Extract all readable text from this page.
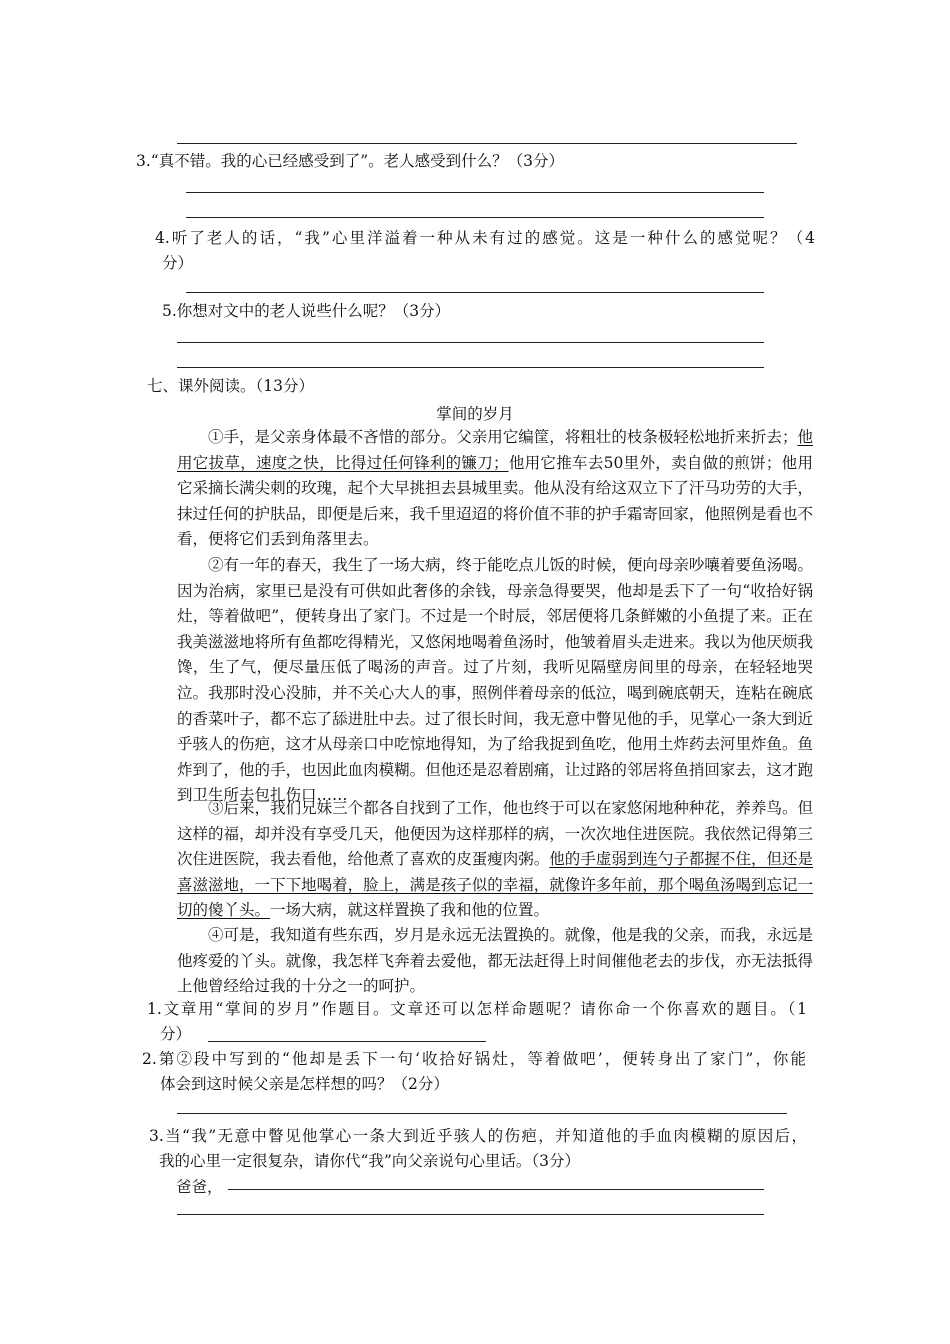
3.“真不错。我的心已经感受到了”。老人感受到什么？（3分）
4.听了老人的话，“我”心里洋溢着一种从未有过的感觉。这是一种什么的感觉呢？（4
分）
5.你想对文中的老人说些什么呢？（3分）
七、课外阅读。（13分）
掌间的岁月
①手，是父亲身体最不吝惜的部分。父亲用它编筐，将粗壮的枝条极轻松地折来折去；他用它拔草，速度之快，比得过任何锋利的镰刀；他用它推车去50里外，卖自做的煎饼；他用它采摘长满尖刺的玫瑰，起个大早挑担去县城里卖。他从没有给这双立下了汗马功劳的大手，抹过任何的护肤品，即便是后来，我千里迢迢的将价值不菲的护手霜寄回家，他照例是看也不看，便将它们丢到角落里去。
②有一年的春天，我生了一场大病，终于能吃点儿饭的时候，便向母亲吵嚷着要鱼汤喝。因为治病，家里已是没有可供如此奢侈的余钱，母亲急得要哭，他却是丢下了一句“收拾好锅灶，等着做吧”，便转身出了家门。不过是一个时辰，邻居便将几条鲜嫩的小鱼提了来。正在我美滋滋地将所有鱼都吃得精光，又悠闲地喝着鱼汤时，他皱着眉头走进来。我以为他厌烦我馋，生了气，便尽量压低了喝汤的声音。过了片刻，我听见隔壁房间里的母亲，在轻轻地哭泣。我那时没心没肺，并不关心大人的事，照例伴着母亲的低泣，喝到碗底朝天，连粘在碗底的香菜叶子，都不忘了舔进肚中去。过了很长时间，我无意中瞥见他的手，见掌心一条大到近乎骇人的伤疤，这才从母亲口中吃惊地得知，为了给我捉到鱼吃，他用土炸药去河里炸鱼。鱼炸到了，他的手，也因此血肉模糊。但他还是忍着剧痛，让过路的邻居将鱼捎回家去，这才跑到卫生所去包扎伤口……
③后来，我们兄妹三个都各自找到了工作，他也终于可以在家悠闲地种种花，养养鸟。但这样的福，却并没有享受几天，他便因为这样那样的病，一次次地住进医院。我依然记得第三次住进医院，我去看他，给他煮了喜欢的皮蛋瘦肉粥。他的手虚弱到连勺子都握不住，但还是喜滋滋地，一下下地喝着，脸上，满是孩子似的幸福，就像许多年前，那个喝鱼汤喝到忘记一切的傻丫头。一场大病，就这样置换了我和他的位置。
④可是，我知道有些东西，岁月是永远无法置换的。就像，他是我的父亲，而我，永远是他疼爱的丫头。就像，我怎样飞奔着去爱他，都无法赶得上时间催他老去的步伐，亦无法抵得上他曾经给过我的十分之一的呵护。
1.文章用“掌间的岁月”作题目。文章还可以怎样命题呢？请你命一个你喜欢的题目。（1
分）
2.第②段中写到的“他却是丢下一句‘收拾好锅灶，等着做吧’，便转身出了家门”，你能
体会到这时候父亲是怎样想的吗？（2分）
3.当“我”无意中瞥见他掌心一条大到近乎骇人的伤疤，并知道他的手血肉模糊的原因后，
我的心里一定很复杂，请你代“我”向父亲说句心里话。（3分）
爸爸，
